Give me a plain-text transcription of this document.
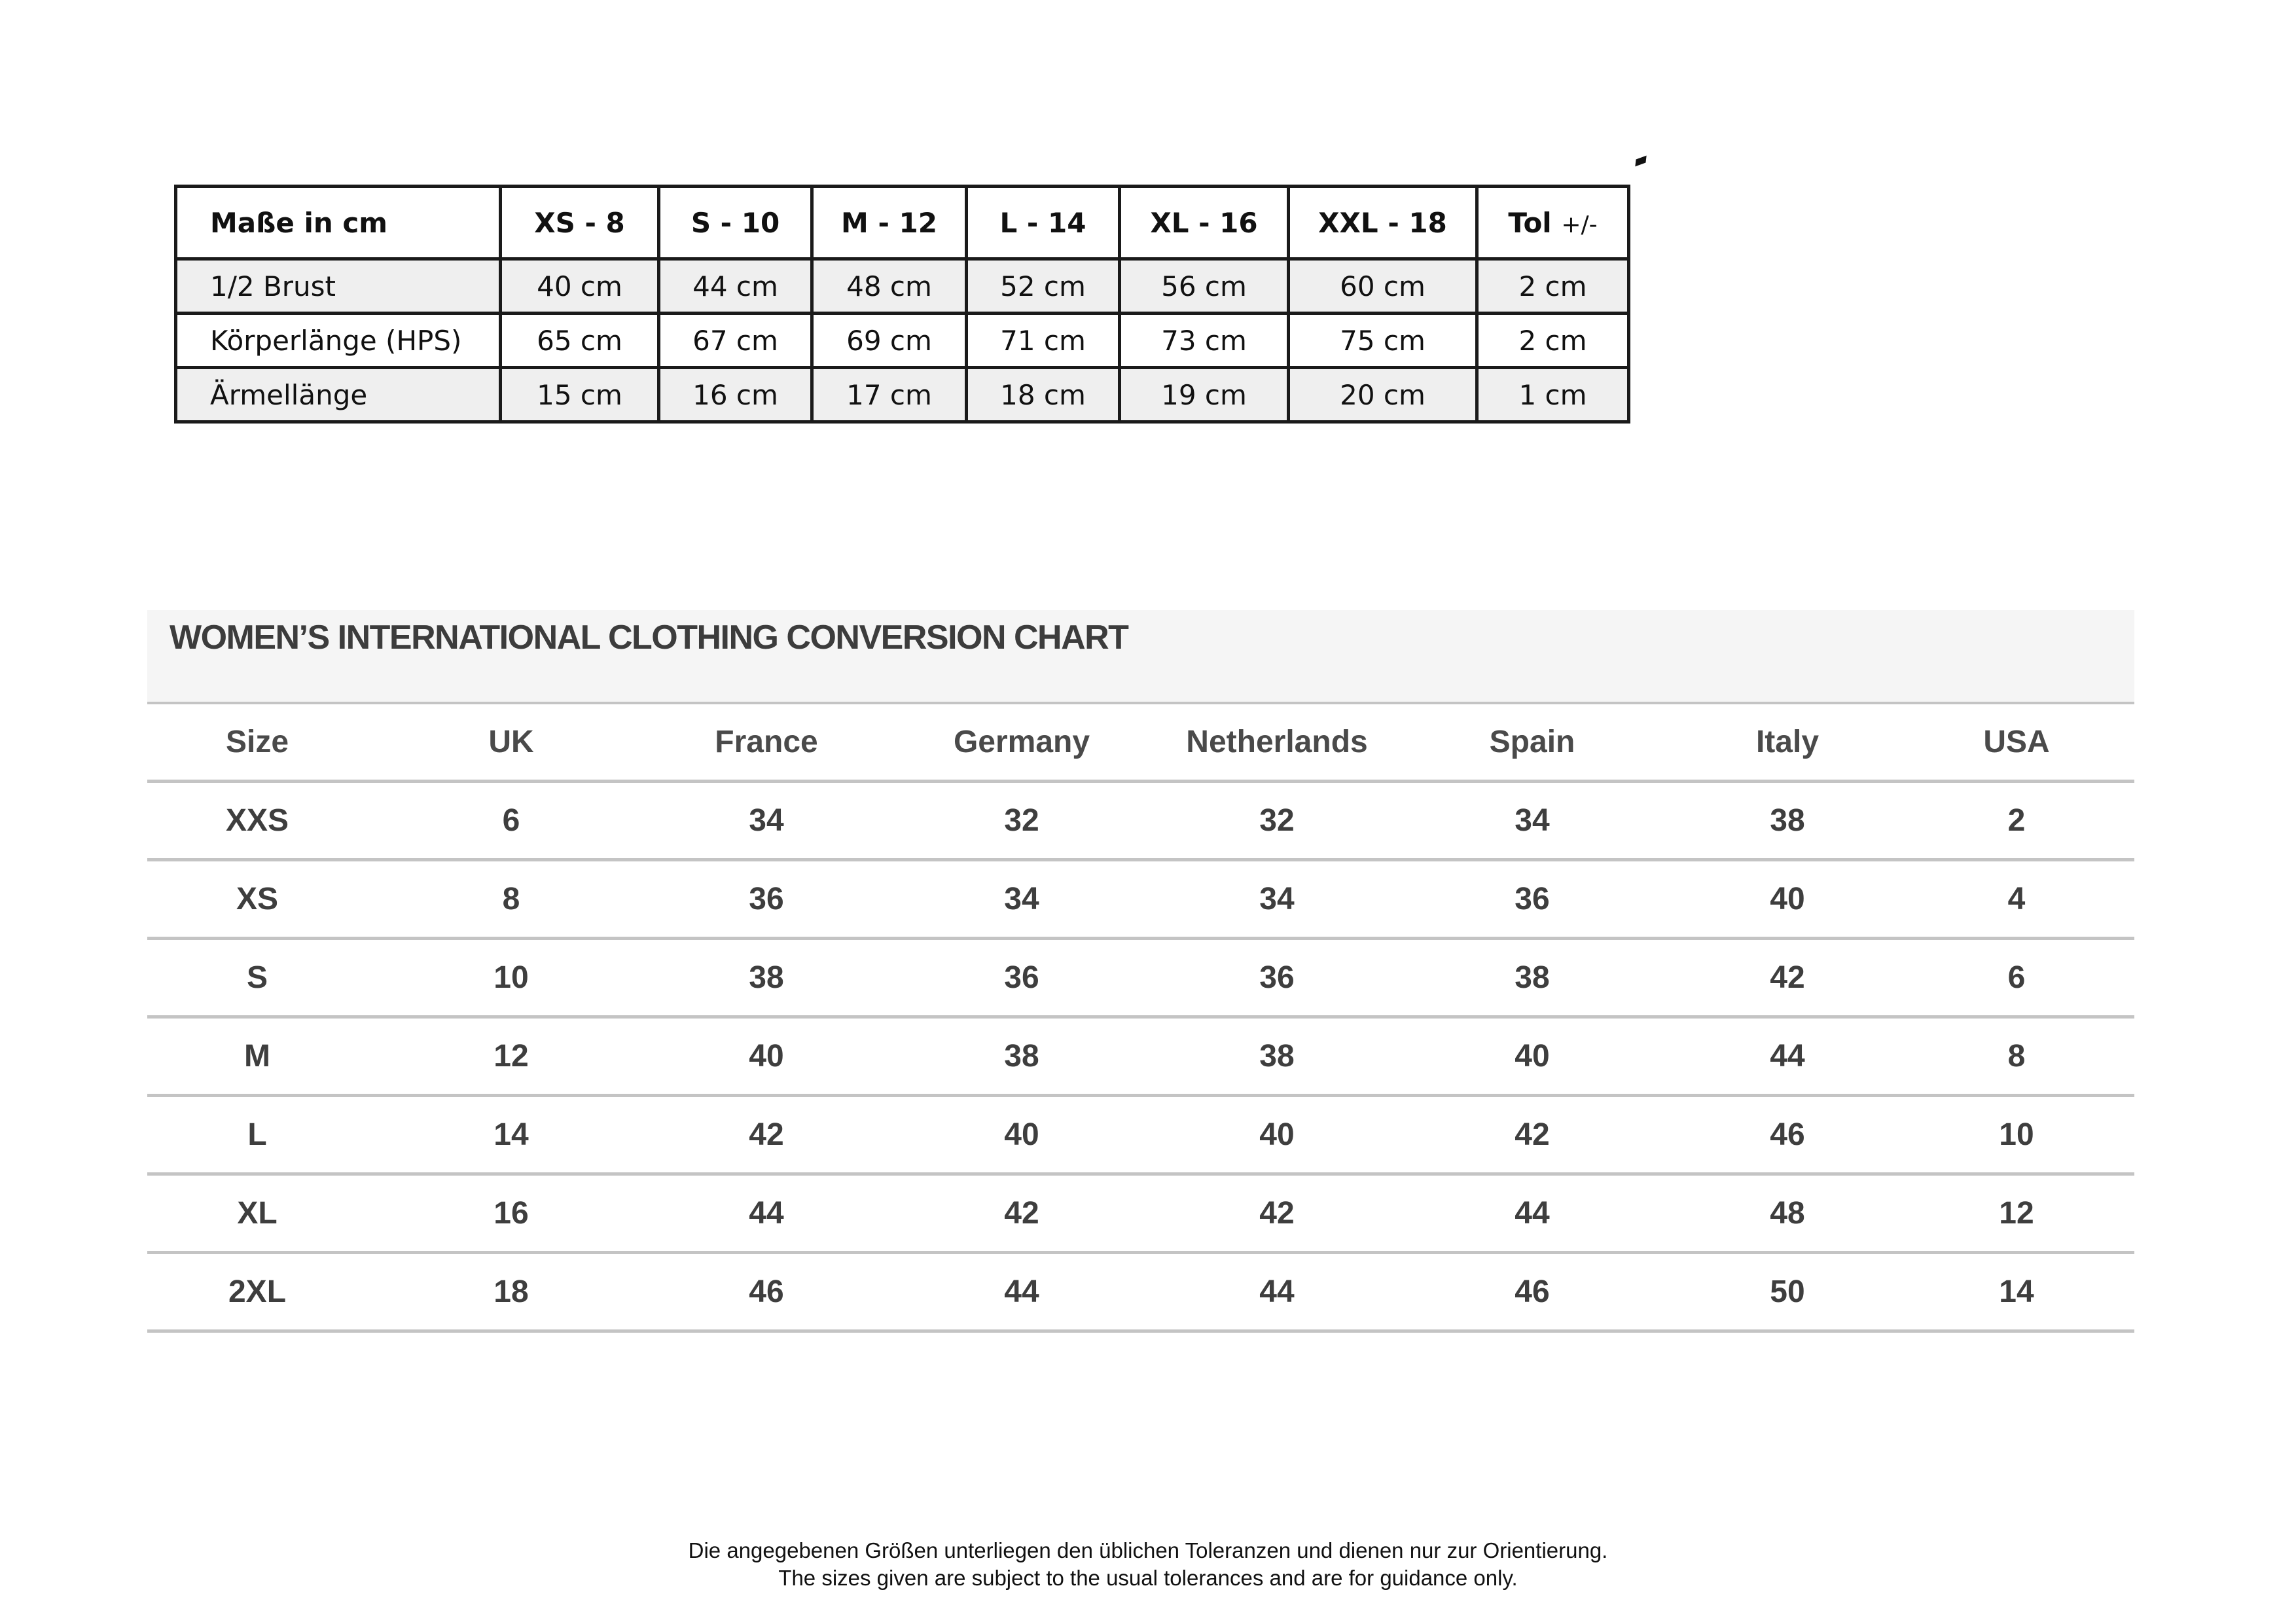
Maße in cm	XS - 8	S - 10	M - 12	L - 14	XL - 16	XXL - 18	Tol +/-
1/2 Brust	40 cm	44 cm	48 cm	52 cm	56 cm	60 cm	2 cm
Körperlänge (HPS)	65 cm	67 cm	69 cm	71 cm	73 cm	75 cm	2 cm
Ärmellänge	15 cm	16 cm	17 cm	18 cm	19 cm	20 cm	1 cm
WOMEN’S INTERNATIONAL CLOTHING CONVERSION CHART
Size	UK	France	Germany	Netherlands	Spain	Italy	USA
XXS	6	34	32	32	34	38	2
XS	8	36	34	34	36	40	4
S	10	38	36	36	38	42	6
M	12	40	38	38	40	44	8
L	14	42	40	40	42	46	10
XL	16	44	42	42	44	48	12
2XL	18	46	44	44	46	50	14
Die angegebenen Größen unterliegen den üblichen Toleranzen und dienen nur zur Orientierung.
The sizes given are subject to the usual tolerances and are for guidance only.
